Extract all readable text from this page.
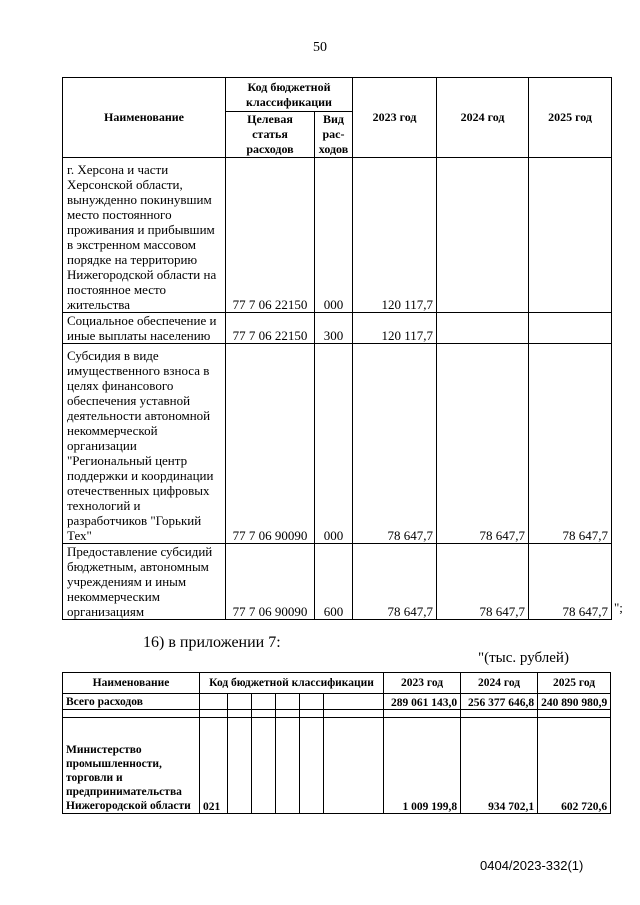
50
Наименование	Код бюджетной классификации		2023 год	2024 год	2025 год
	Целевая статья расходов	Вид рас-ходов			
г. Херсона и части Херсонской области, вынужденно покинувшим место постоянного проживания и прибывшим в экстренном массовом порядке на территорию Нижегородской области на постоянное место жительства	77 7 06 22150	000	120 117,7		
Социальное обеспечение и иные выплаты населению	77 7 06 22150	300	120 117,7		
Субсидия в виде имущественного взноса в целях финансового обеспечения уставной деятельности автономной некоммерческой организации "Региональный центр поддержки и координации отечественных цифровых технологий и разработчиков "Горький Тех"	77 7 06 90090	000	78 647,7	78 647,7	78 647,7
Предоставление субсидий бюджетным, автономным учреждениям и иным некоммерческим организациям	77 7 06 90090	600	78 647,7	78 647,7	78 647,7 ";
16) в приложении 7:
"(тыс. рублей)
Наименование	Код бюджетной классификации						2023 год	2024 год	2025 год
Всего расходов							289 061 143,0	256 377 646,8	240 890 980,9

Министерство промышленности, торговли и предпринимательства Нижегородской области	021						1 009 199,8	934 702,1	602 720,6
0404/2023-332(1)
